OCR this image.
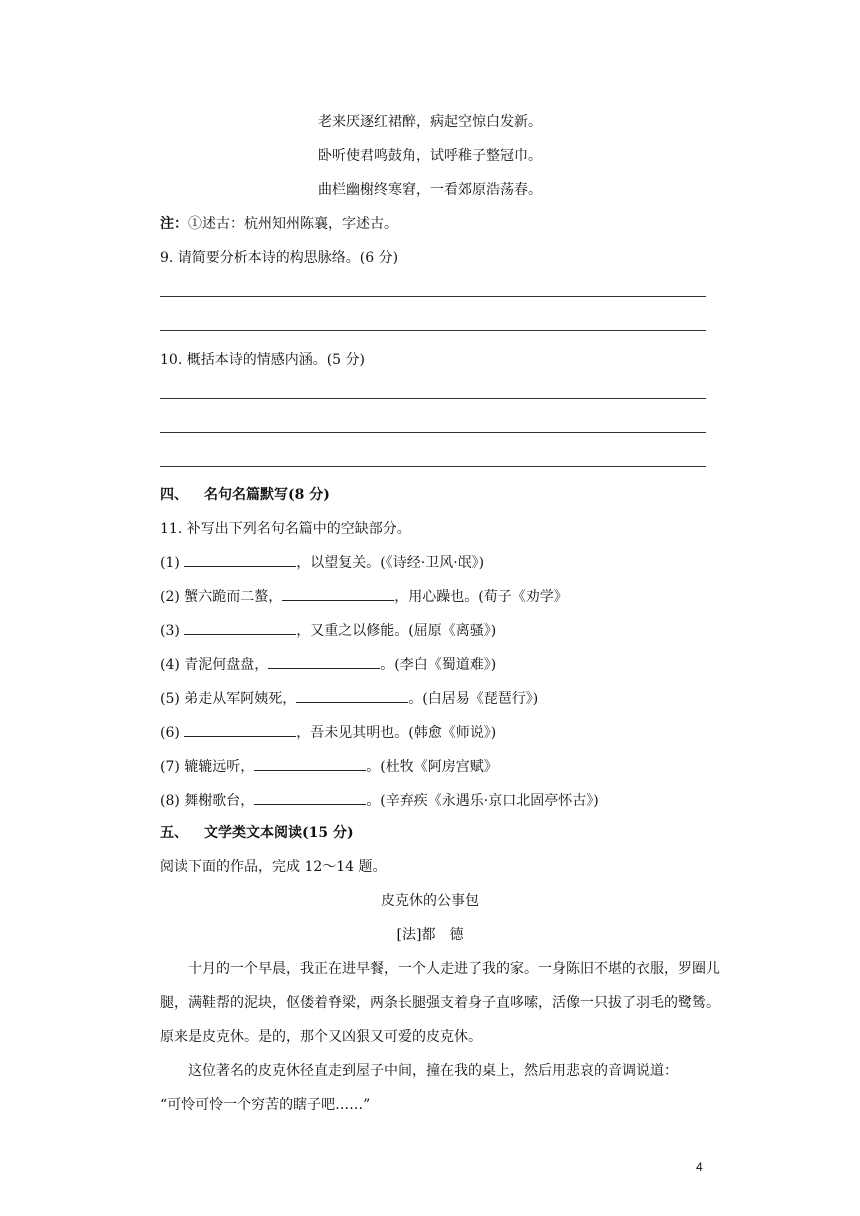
老来厌逐红裙醉，病起空惊白发新。
卧听使君鸣鼓角，试呼稚子整冠巾。
曲栏幽榭终寒窘，一看郊原浩荡春。
注：①述古：杭州知州陈襄，字述古。
9. 请简要分析本诗的构思脉络。(6 分)
10. 概括本诗的情感内涵。(5 分)
四、 名句名篇默写(8 分)
11. 补写出下列名句名篇中的空缺部分。
(1)	，以望复关。(《诗经·卫风·氓》)
(2) 蟹六跪而二螯，	，用心躁也。(荀子《劝学》
(3)	，又重之以修能。(屈原《离骚》)
(4) 青泥何盘盘，	。(李白《蜀道难》)
(5) 弟走从军阿姨死，	。(白居易《琵琶行》)
(6)	，吾未见其明也。(韩愈《师说》)
(7) 辘辘远听，	。(杜牧《阿房宫赋》
(8) 舞榭歌台，	。(辛弃疾《永遇乐·京口北固亭怀古》)
五、 文学类文本阅读(15 分)
阅读下面的作品，完成 12～14 题。
皮克休的公事包
[法]都　德
十月的一个早晨，我正在进早餐，一个人走进了我的家。一身陈旧不堪的衣服，罗圈儿
腿，满鞋帮的泥块，伛偻着脊梁，两条长腿强支着身子直哆嗦，活像一只拔了羽毛的鹭鸶。
原来是皮克休。是的，那个又凶狠又可爱的皮克休。
这位著名的皮克休径直走到屋子中间，撞在我的桌上，然后用悲哀的音调说道：
“可怜可怜一个穷苦的瞎子吧……”
4
